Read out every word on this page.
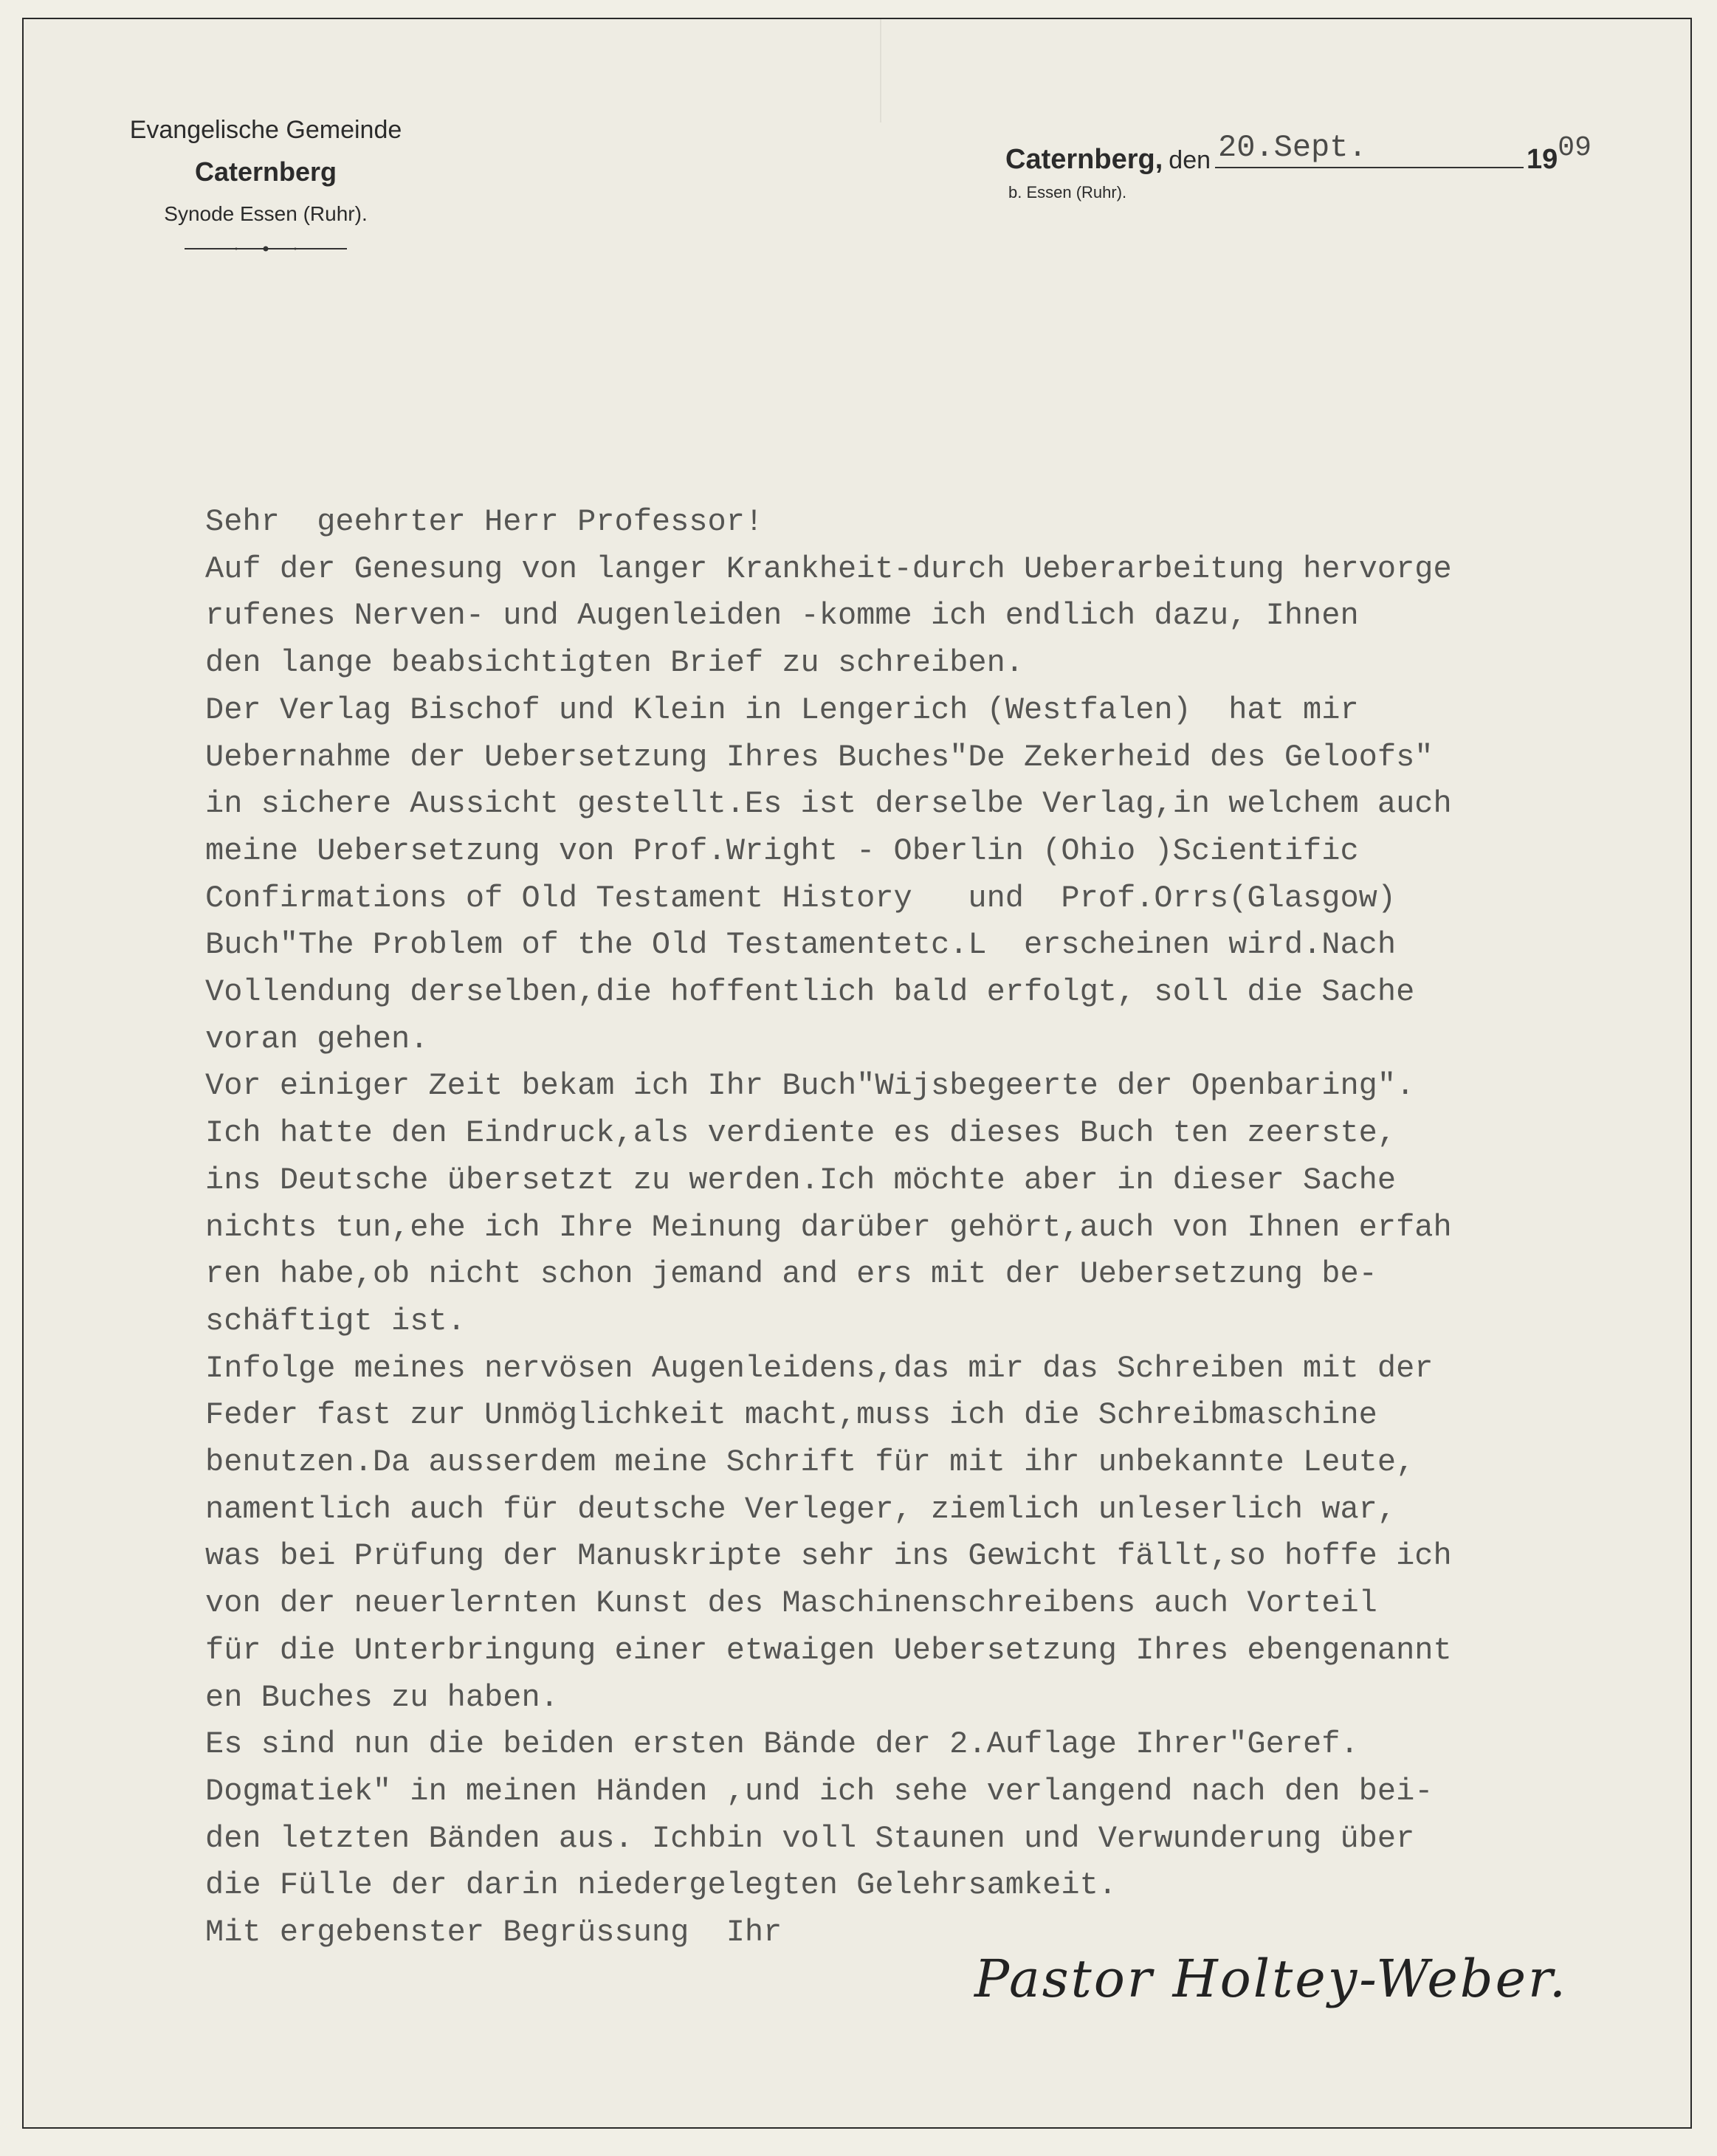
Evangelische Gemeinde
Caternberg
Synode Essen (Ruhr).
Caternberg, den 20.Sept.	1909
b. Essen (Ruhr).
Sehr  geehrter Herr Professor!
Auf der Genesung von langer Krankheit-durch Ueberarbeitung hervorge
rufenes Nerven- und Augenleiden -komme ich endlich dazu, Ihnen
den lange beabsichtigten Brief zu schreiben.
Der Verlag Bischof und Klein in Lengerich (Westfalen)  hat mir
Uebernahme der Uebersetzung Ihres Buches"De Zekerheid des Geloofs"
in sichere Aussicht gestellt.Es ist derselbe Verlag,in welchem auch
meine Uebersetzung von Prof.Wright - Oberlin (Ohio )Scientific
Confirmations of Old Testament History   und  Prof.Orrs(Glasgow)
Buch"The Problem of the Old Testamentetc.L  erscheinen wird.Nach
Vollendung derselben,die hoffentlich bald erfolgt, soll die Sache
voran gehen.
Vor einiger Zeit bekam ich Ihr Buch"Wijsbegeerte der Openbaring".
Ich hatte den Eindruck,als verdiente es dieses Buch ten zeerste,
ins Deutsche übersetzt zu werden.Ich möchte aber in dieser Sache
nichts tun,ehe ich Ihre Meinung darüber gehört,auch von Ihnen erfah
ren habe,ob nicht schon jemand and ers mit der Uebersetzung be-
schäftigt ist.
Infolge meines nervösen Augenleidens,das mir das Schreiben mit der
Feder fast zur Unmöglichkeit macht,muss ich die Schreibmaschine
benutzen.Da ausserdem meine Schrift für mit ihr unbekannte Leute,
namentlich auch für deutsche Verleger, ziemlich unleserlich war,
was bei Prüfung der Manuskripte sehr ins Gewicht fällt,so hoffe ich
von der neuerlernten Kunst des Maschinenschreibens auch Vorteil
für die Unterbringung einer etwaigen Uebersetzung Ihres ebengenannt
en Buches zu haben.
Es sind nun die beiden ersten Bände der 2.Auflage Ihrer"Geref.
Dogmatiek" in meinen Händen ,und ich sehe verlangend nach den bei-
den letzten Bänden aus. Ichbin voll Staunen und Verwunderung über
die Fülle der darin niedergelegten Gelehrsamkeit.
Mit ergebenster Begrüssung  Ihr
Pastor Holtey-Weber.
